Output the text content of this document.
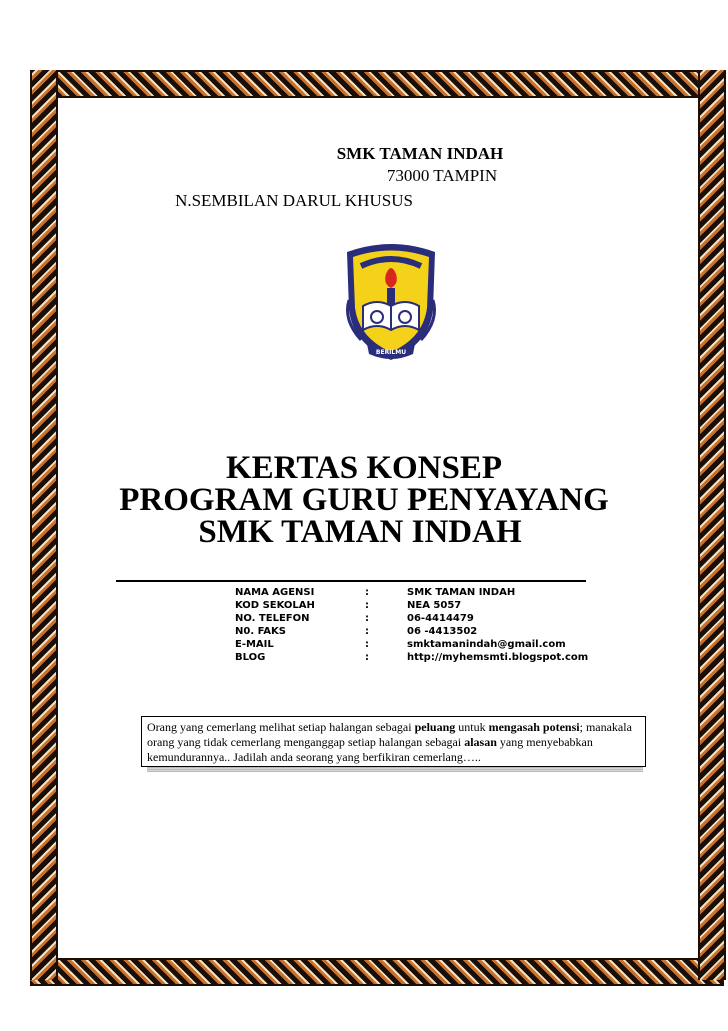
SMK TAMAN INDAH
73000 TAMPIN
N.SEMBILAN DARUL KHUSUS
BERILMU
KERTAS KONSEP
PROGRAM GURU PENYAYANG
SMK TAMAN INDAH
NAMA AGENSI	:	SMK TAMAN INDAH
KOD SEKOLAH	:	NEA 5057
NO. TELEFON	:	06-4414479
N0. FAKS	:	06 -4413502
E-MAIL	:	smktamanindah@gmail.com
BLOG	:	http://myhemsmti.blogspot.com
Orang yang cemerlang melihat setiap halangan sebagai peluang untuk mengasah potensi; manakala orang yang tidak cemerlang menganggap setiap halangan sebagai alasan yang menyebabkan kemundurannya.. Jadilah anda seorang yang berfikiran cemerlang…..
